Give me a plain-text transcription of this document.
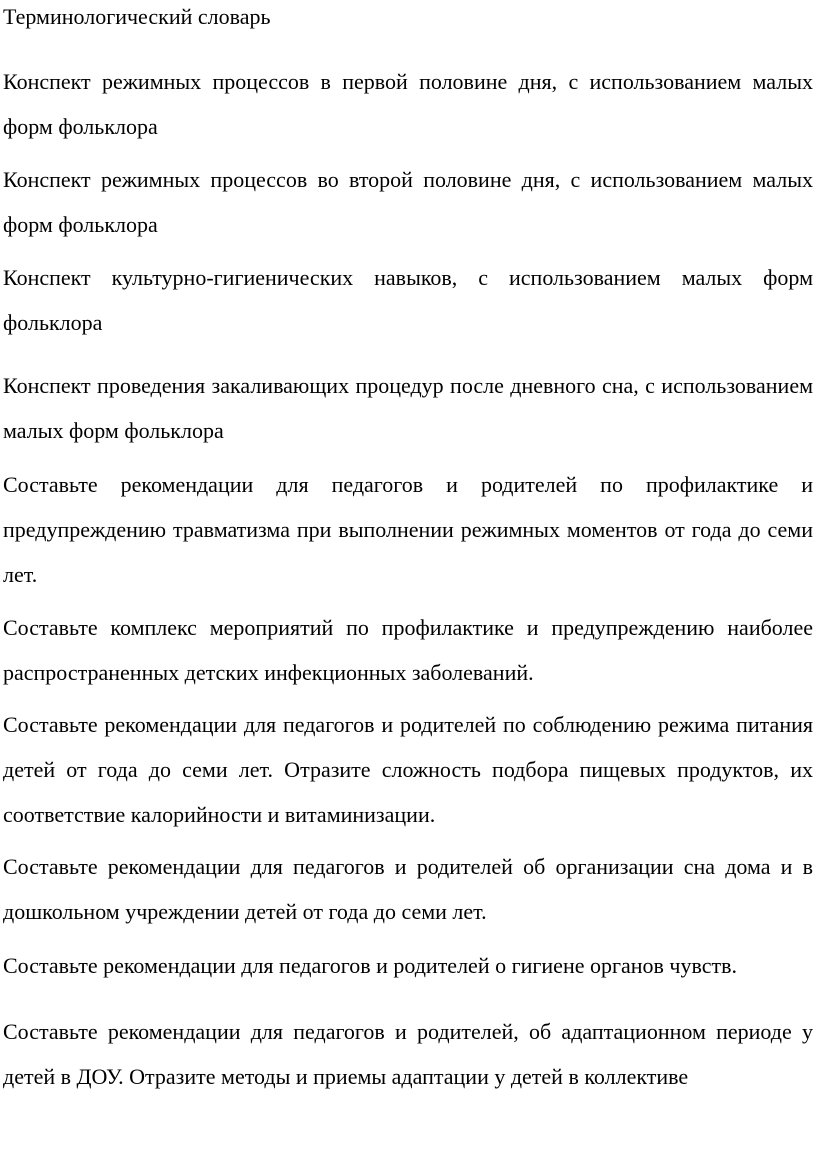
Терминологический словарь

Конспект режимных процессов в первой половине дня, с использованием малых форм фольклора

Конспект режимных процессов во второй половине дня, с использованием малых форм фольклора

Конспект культурно-гигиенических навыков, с использованием малых форм фольклора

Конспект проведения закаливающих процедур после дневного сна, с использованием малых форм фольклора

Составьте рекомендации для педагогов и родителей по профилактике и предупреждению травматизма при выполнении режимных моментов от года до семи лет.

Составьте комплекс мероприятий по профилактике и предупреждению наиболее распространенных детских инфекционных заболеваний.

Составьте рекомендации для педагогов и родителей по соблюдению режима питания детей от года до семи лет. Отразите сложность подбора пищевых продуктов, их соответствие калорийности и витаминизации.

Составьте рекомендации для педагогов и родителей об организации сна дома и в дошкольном учреждении детей от года до семи лет.

Составьте рекомендации для педагогов и родителей о гигиене органов чувств.

Составьте рекомендации для педагогов и родителей, об адаптационном периоде у детей в ДОУ. Отразите методы и приемы адаптации у детей в коллективе
